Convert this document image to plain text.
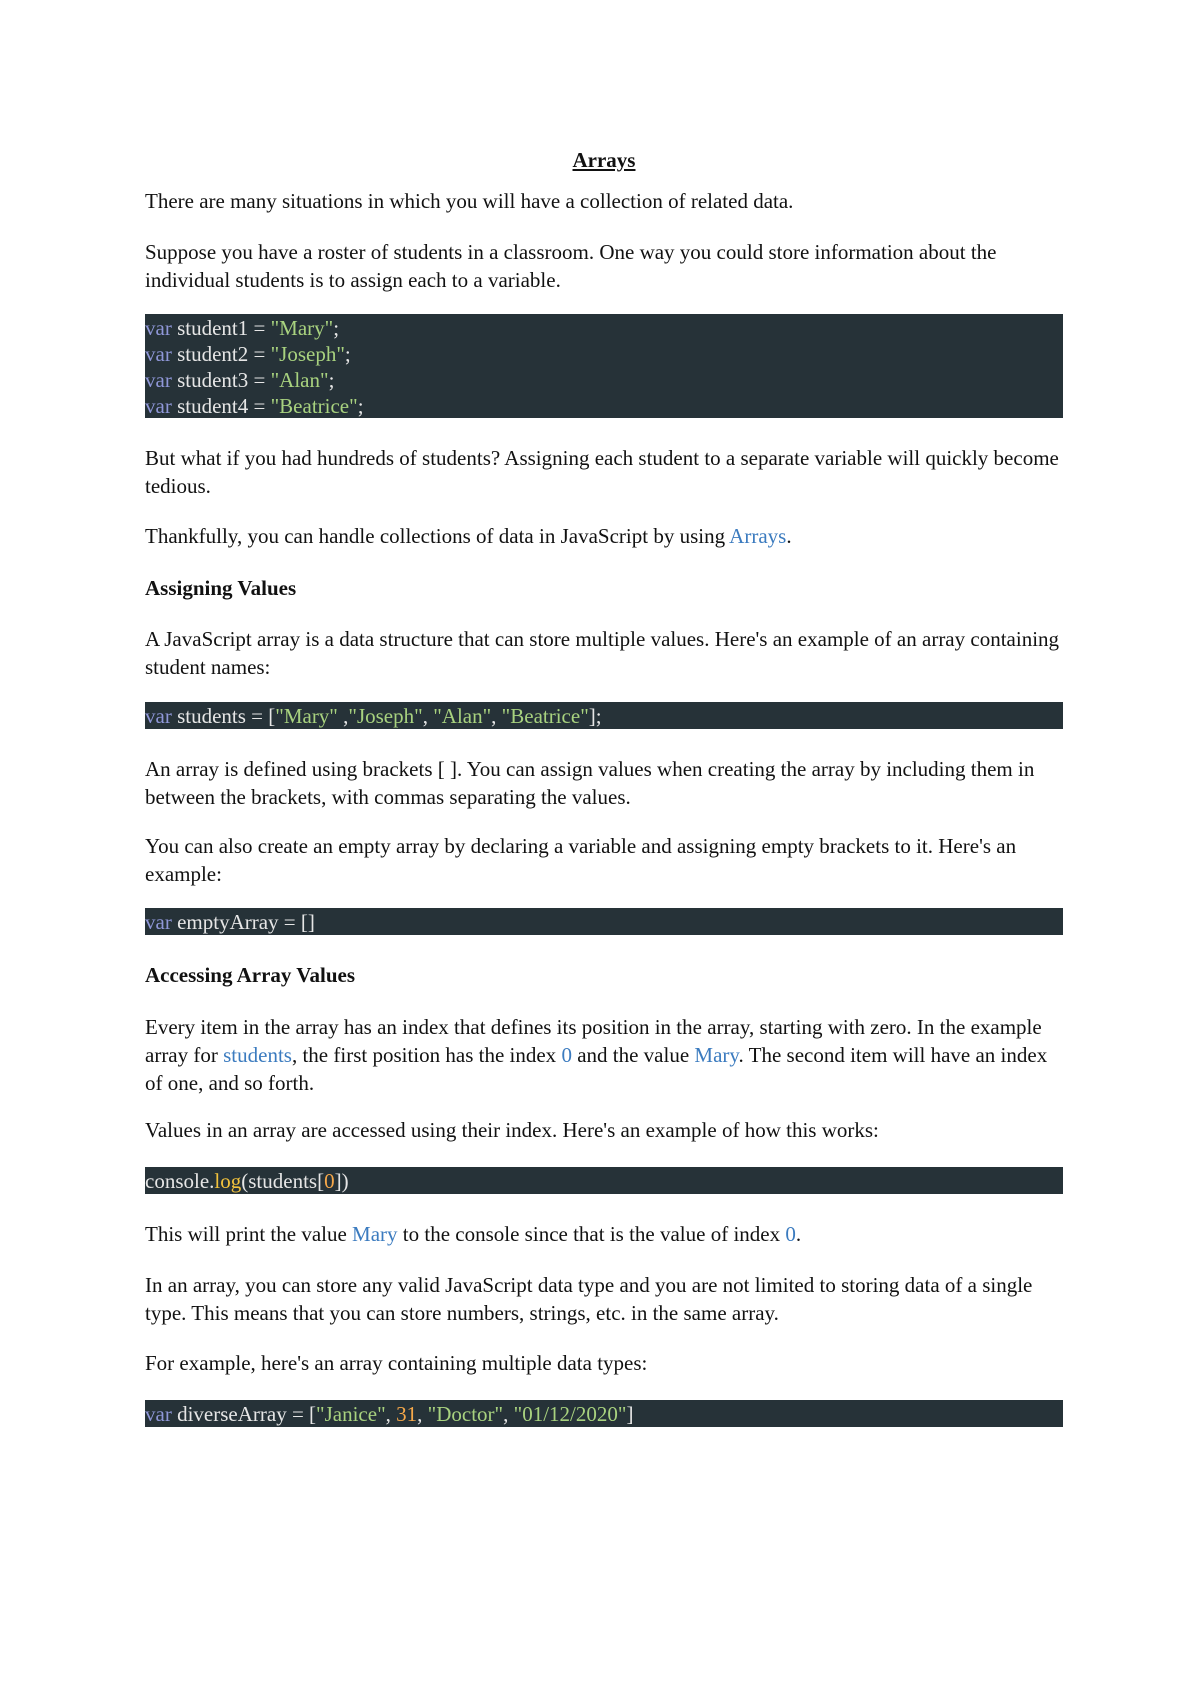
Arrays

There are many situations in which you will have a collection of related data.

Suppose you have a roster of students in a classroom. One way you could store information about the individual students is to assign each to a variable.

var student1 = "Mary";
var student2 = "Joseph";
var student3 = "Alan";
var student4 = "Beatrice";

But what if you had hundreds of students? Assigning each student to a separate variable will quickly become tedious.

Thankfully, you can handle collections of data in JavaScript by using Arrays.

Assigning Values

A JavaScript array is a data structure that can store multiple values. Here's an example of an array containing student names:

var students = ["Mary" ,"Joseph", "Alan", "Beatrice"];

An array is defined using brackets [ ]. You can assign values when creating the array by including them in between the brackets, with commas separating the values.

You can also create an empty array by declaring a variable and assigning empty brackets to it. Here's an example:

var emptyArray = []
Accessing Array Values

Every item in the array has an index that defines its position in the array, starting with zero. In the example array for students, the first position has the index 0 and the value Mary. The second item will have an index of one, and so forth.

Values in an array are accessed using their index. Here's an example of how this works:

console.log(students[0])

This will print the value Mary to the console since that is the value of index 0.

In an array, you can store any valid JavaScript data type and you are not limited to storing data of a single type. This means that you can store numbers, strings, etc. in the same array.

For example, here's an array containing multiple data types:

var diverseArray = ["Janice", 31, "Doctor", "01/12/2020"]
